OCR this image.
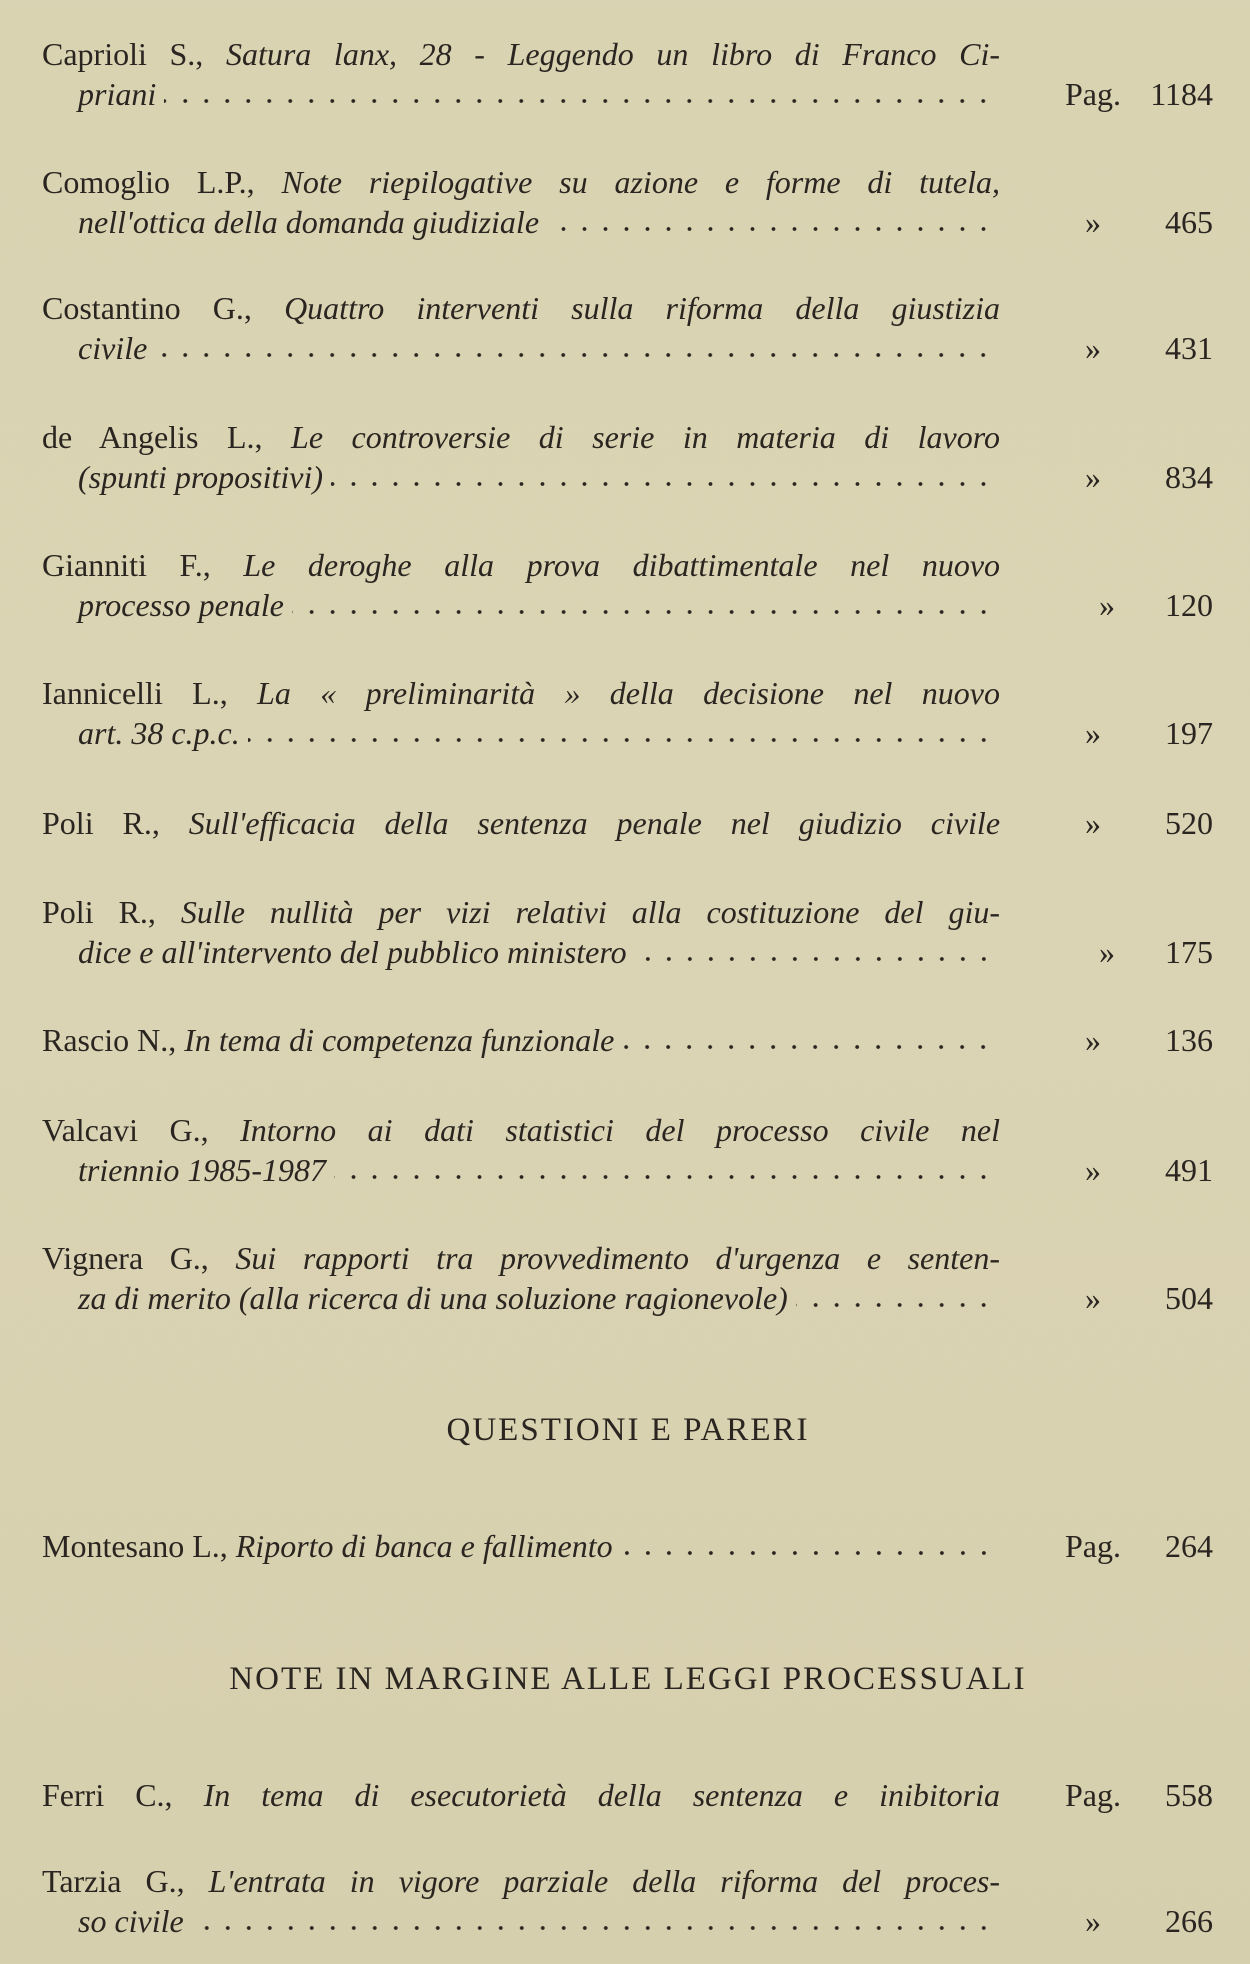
Caprioli S., Satura lanx, 28 - Leggendo un libro di Franco Ci-
priani	Pag. 1184
Comoglio L.P., Note riepilogative su azione e forme di tutela,
nell'ottica della domanda giudiziale	»	465
Costantino G., Quattro interventi sulla riforma della giustizia
civile	»	431
de Angelis L., Le controversie di serie in materia di lavoro
(spunti propositivi)	»	834
Gianniti F., Le deroghe alla prova dibattimentale nel nuovo
processo penale	»	120
Iannicelli L., La « preliminarità » della decisione nel nuovo
art. 38 c.p.c.	»	197
Poli R., Sull'efficacia della sentenza penale nel giudizio civile	»	520
Poli R., Sulle nullità per vizi relativi alla costituzione del giu-
dice e all'intervento del pubblico ministero	»	175
Rascio N.,
In tema di competenza funzionale	»	136
Valcavi G., Intorno ai dati statistici del processo civile nel
triennio 1985-1987	»	491
Vignera G., Sui rapporti tra provvedimento d'urgenza e senten-
za di merito (alla ricerca di una soluzione ragionevole)	»	504
QUESTIONI E PARERI
Montesano L.,
Riporto di banca e fallimento	Pag.	264
NOTE IN MARGINE ALLE LEGGI PROCESSUALI
Ferri C., In tema di esecutorietà della sentenza e inibitoria Pag.	558
Tarzia G., L'entrata in vigore parziale della riforma del proces-
so civile	»	266
